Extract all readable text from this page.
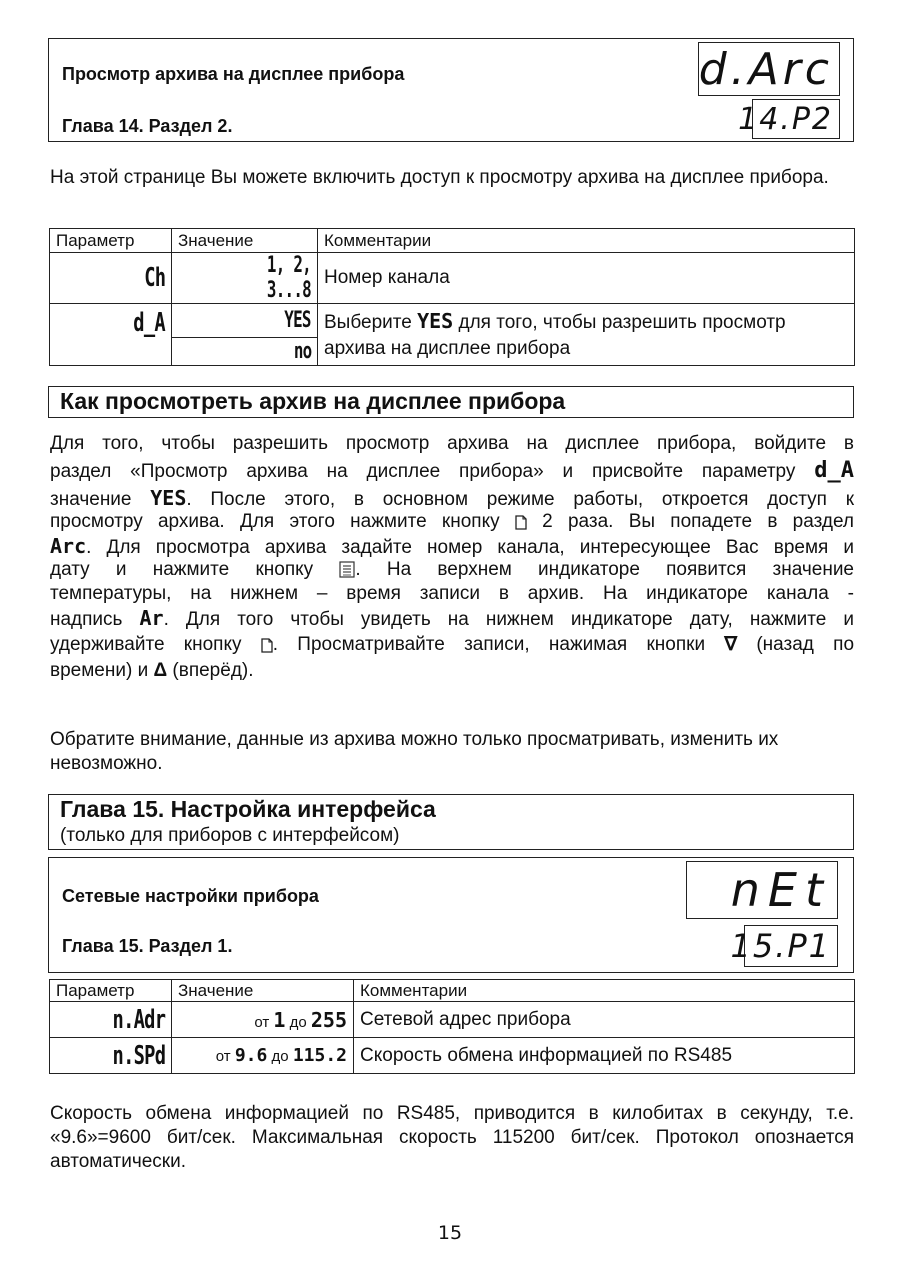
Просмотр архива на дисплее прибора
Глава 14. Раздел 2.
d.Arc
14.P2
На этой странице Вы можете включить доступ к просмотру архива на дисплее прибора.
Параметр	Значение	Комментарии
Ch	1, 2, 3...8	Номер канала
d_A	YES	Выберите YES для того, чтобы разрешить просмотр
архива на дисплее прибора
	no	
Как просмотреть архив на дисплее прибора
Для того, чтобы разрешить просмотр архива на дисплее прибора, войдите в
раздел «Просмотр архива на дисплее прибора» и присвойте параметру d_A
значение YES. После этого, в основном режиме работы, откроется доступ к
просмотру архива. Для этого нажмите кнопку 2 раза. Вы попадете в раздел
Arc. Для просмотра архива задайте номер канала, интересующее Вас время и
дату и нажмите кнопку . На верхнем индикаторе появится значение
температуры, на нижнем – время записи в архив. На индикаторе канала -
надпись Ar. Для того чтобы увидеть на нижнем индикаторе дату, нажмите и
удерживайте кнопку . Просматривайте записи, нажимая кнопки ∇ (назад по
времени) и Δ (вперёд).
Обратите внимание, данные из архива можно только просматривать, изменить их невозможно.
Глава 15. Настройка интерфейса
(только для приборов с интерфейсом)
Сетевые настройки прибора
Глава 15. Раздел 1.
nEt
15.P1
Параметр	Значение	Комментарии
n.Adr	от 1 до 255	Сетевой адрес прибора
n.SPd	от 9.6 до 115.2	Скорость обмена информацией по RS485
Скорость обмена информацией по RS485, приводится в килобитах в секунду, т.е. «9.6»=9600 бит/сек. Максимальная скорость 115200 бит/сек. Протокол опознается автоматически.
15
